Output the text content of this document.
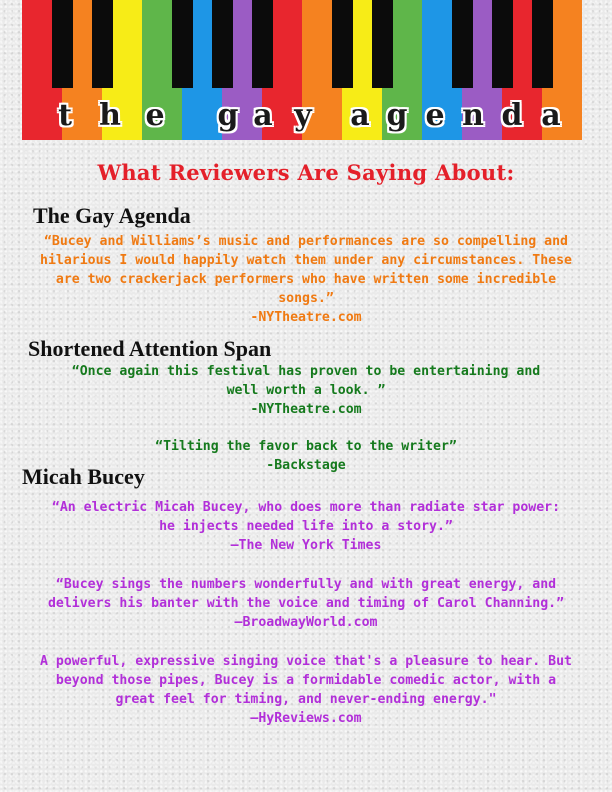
t h e g a y a g e n d a
What Reviewers Are Saying About:
The Gay Agenda
“Bucey and Williams’s music and performances are so compelling and
hilarious I would happily watch them under any circumstances. These
are two crackerjack performers who have written some incredible
songs.”
-NYTheatre.com
Shortened Attention Span
“Once again this festival has proven to be entertaining and
well worth a look. ”
-NYTheatre.com
“Tilting the favor back to the writer”
-Backstage
Micah Bucey
“An electric Micah Bucey, who does more than radiate star power:
he injects needed life into a story.”
—The New York Times
“Bucey sings the numbers wonderfully and with great energy, and
delivers his banter with the voice and timing of Carol Channing.”
—BroadwayWorld.com
A powerful, expressive singing voice that's a pleasure to hear. But
beyond those pipes, Bucey is a formidable comedic actor, with a
great feel for timing, and never-ending energy."
—HyReviews.com
